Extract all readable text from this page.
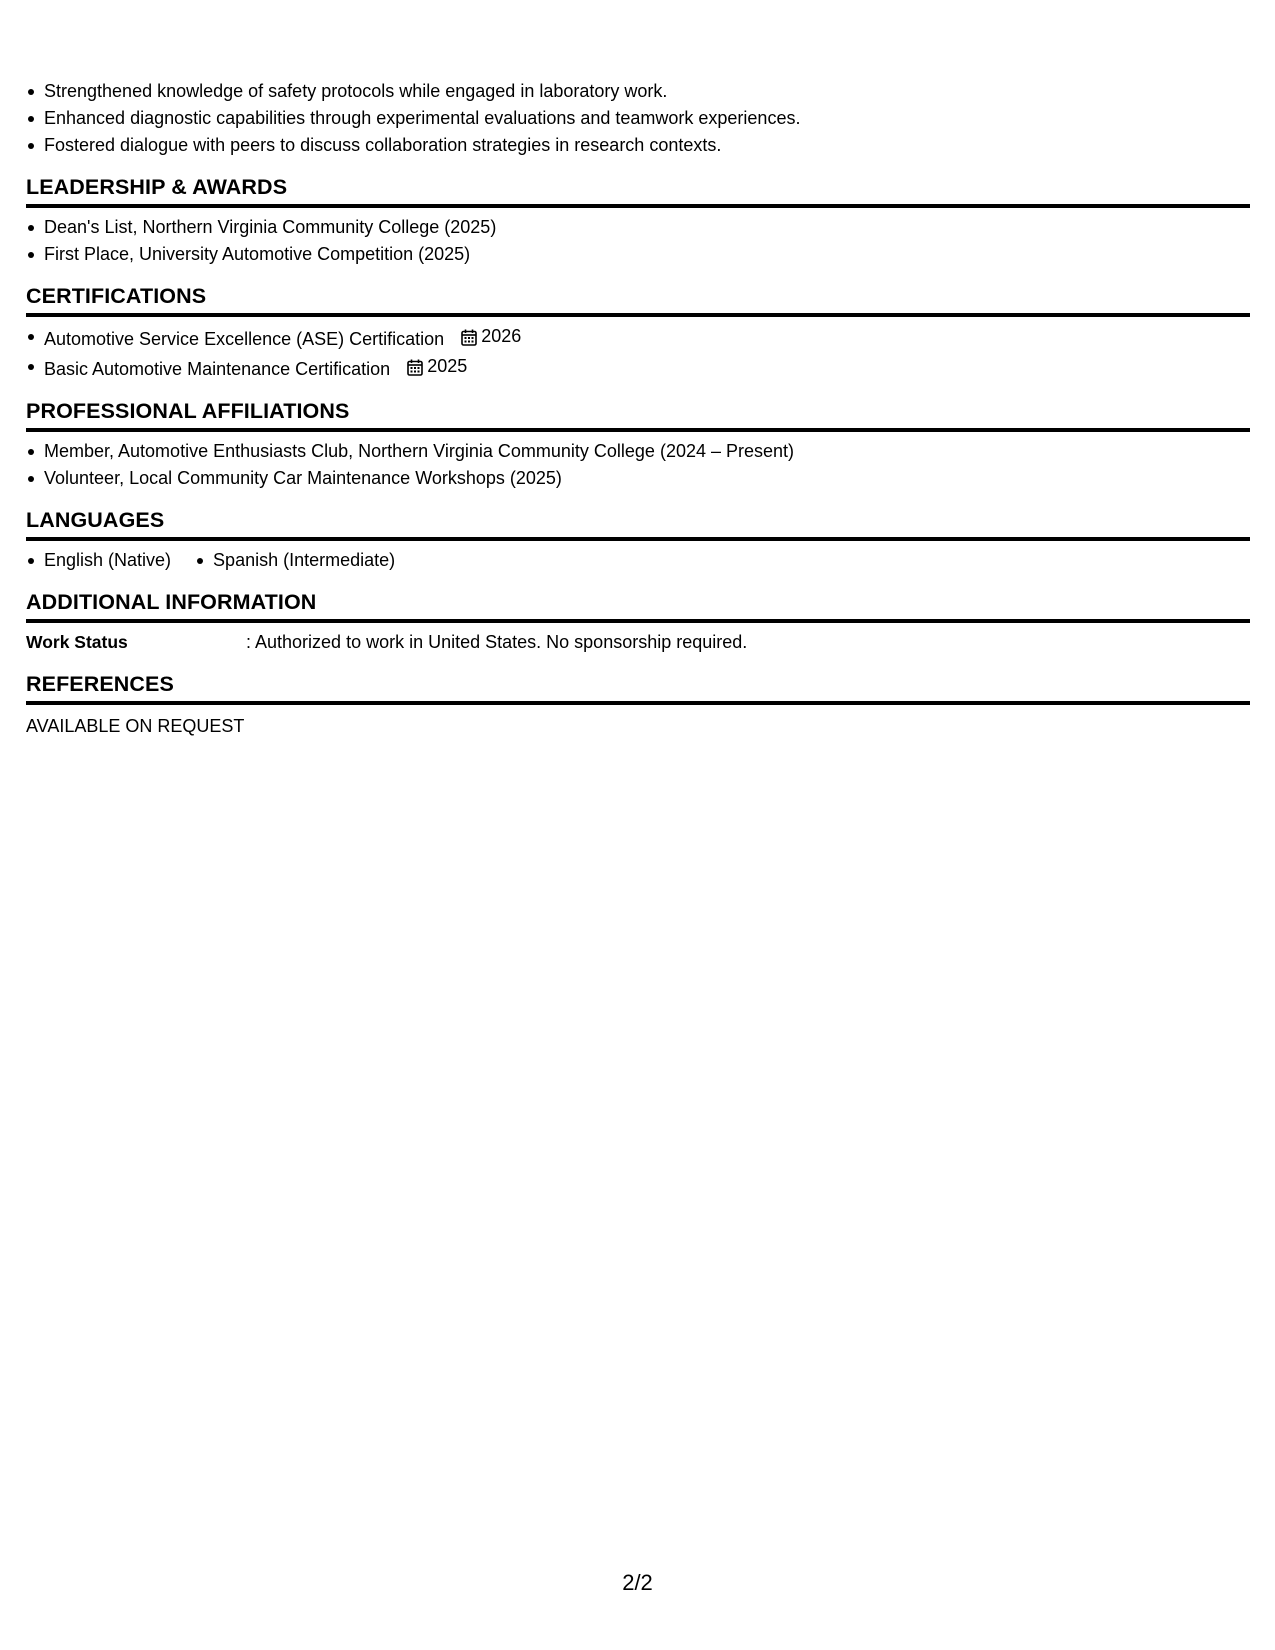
Strengthened knowledge of safety protocols while engaged in laboratory work.
Enhanced diagnostic capabilities through experimental evaluations and teamwork experiences.
Fostered dialogue with peers to discuss collaboration strategies in research contexts.
LEADERSHIP & AWARDS
Dean's List, Northern Virginia Community College (2025)
First Place, University Automotive Competition (2025)
CERTIFICATIONS
Automotive Service Excellence (ASE) Certification 2026
Basic Automotive Maintenance Certification 2025
PROFESSIONAL AFFILIATIONS
Member, Automotive Enthusiasts Club, Northern Virginia Community College (2024 – Present)
Volunteer, Local Community Car Maintenance Workshops (2025)
LANGUAGES
English (Native)	Spanish (Intermediate)
ADDITIONAL INFORMATION
Work Status	: Authorized to work in United States. No sponsorship required.
REFERENCES
AVAILABLE ON REQUEST
2/2
